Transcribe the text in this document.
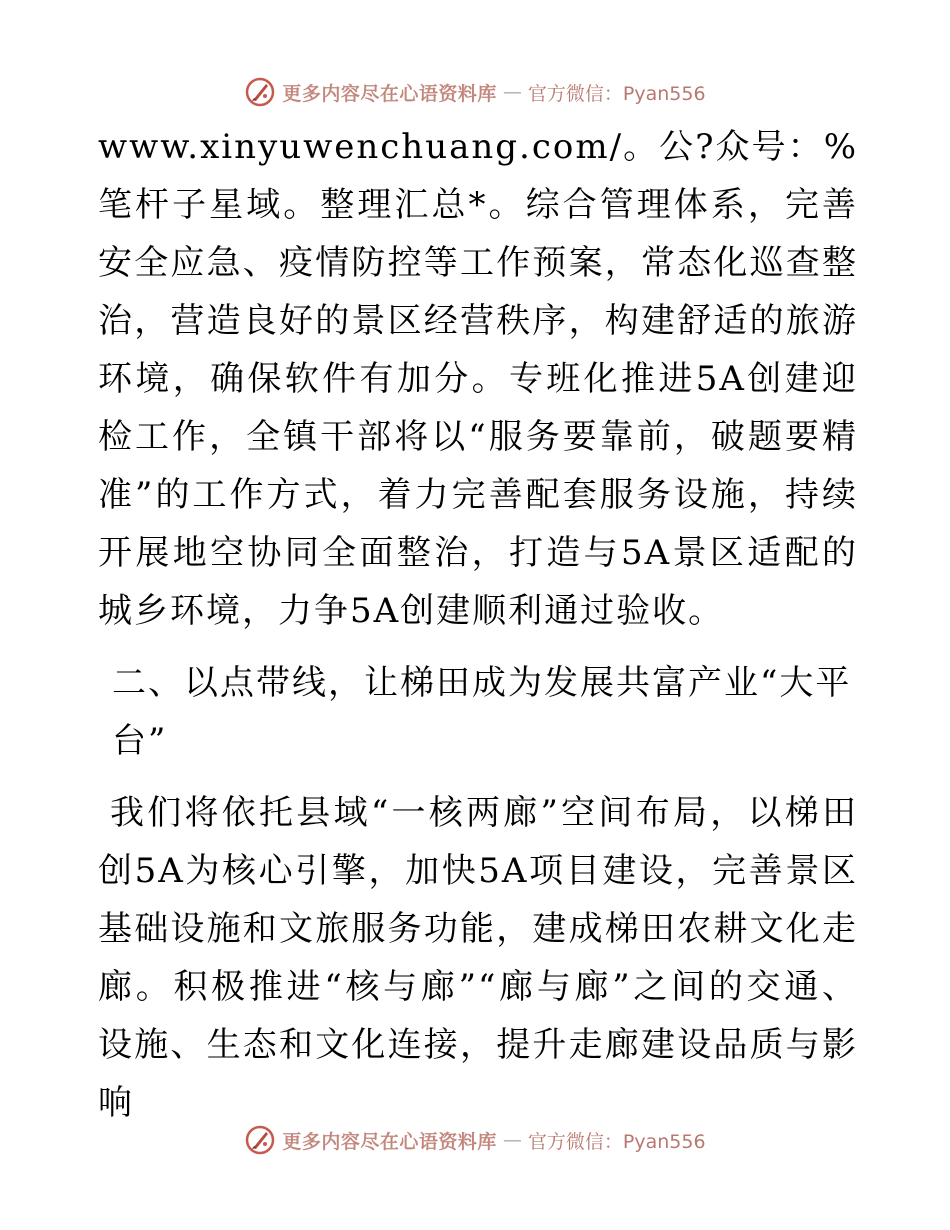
更多内容尽在心语资料库 — 官方微信：Pyan556

www.xinyuwenchuang.com/。公?众号：%笔杆子星域。整理汇总*。综合管理体系，完善安全应急、疫情防控等工作预案，常态化巡查整治，营造良好的景区经营秩序，构建舒适的旅游环境，确保软件有加分。专班化推进5A创建迎检工作，全镇干部将以“服务要靠前，破题要精准”的工作方式，着力完善配套服务设施，持续开展地空协同全面整治，打造与5A景区适配的城乡环境，力争5A创建顺利通过验收。

二、以点带线，让梯田成为发展共富产业“大平台”

我们将依托县域“一核两廊”空间布局，以梯田创5A为核心引擎，加快5A项目建设，完善景区基础设施和文旅服务功能，建成梯田农耕文化走廊。积极推进“核与廊”“廊与廊”之间的交通、设施、生态和文化连接，提升走廊建设品质与影响

更多内容尽在心语资料库 — 官方微信：Pyan556
